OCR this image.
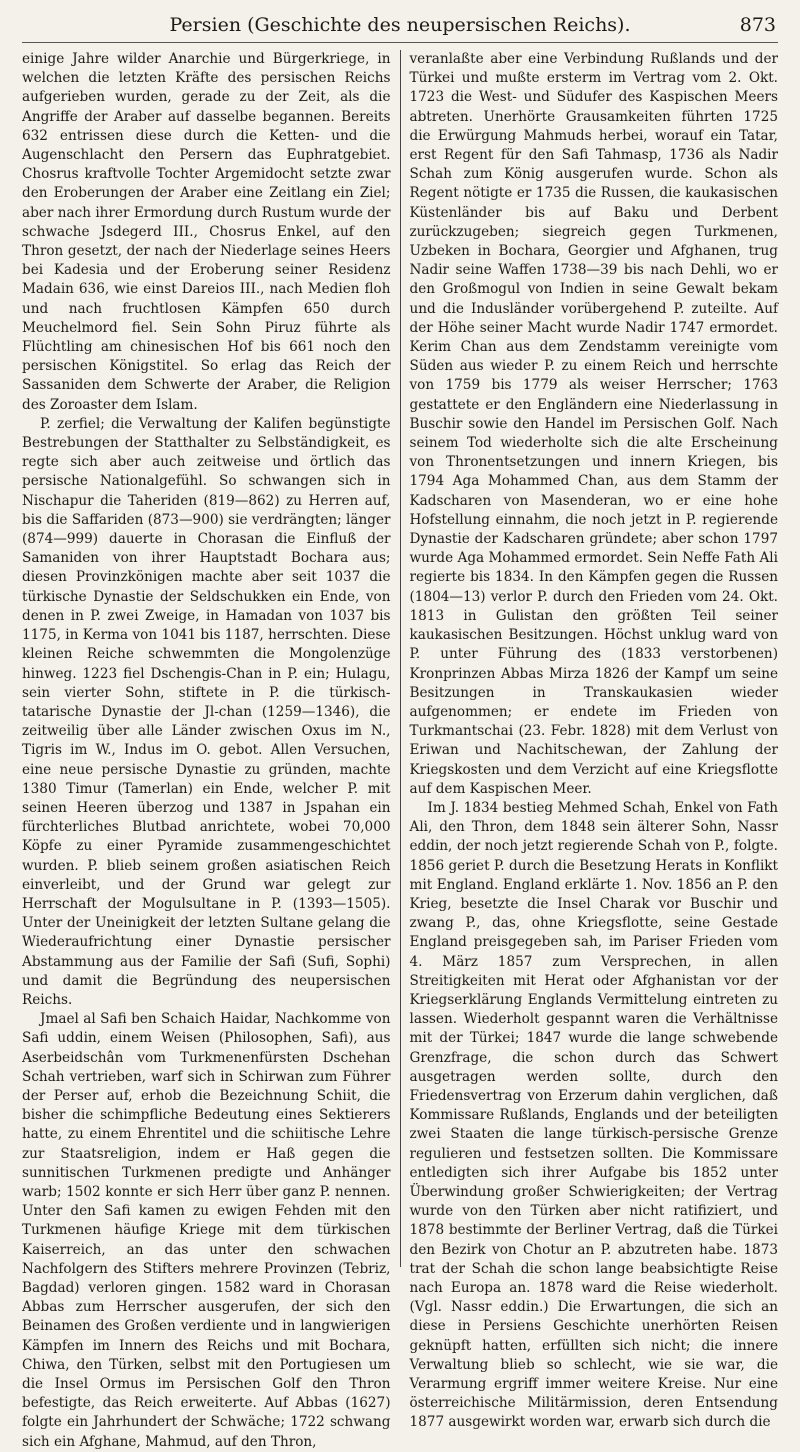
Persien (Geschichte des neupersischen Reichs).	873

einige Jahre wilder Anarchie und Bürgerkriege, in welchen die letzten Kräfte des persischen Reichs aufgerieben wurden, gerade zu der Zeit, als die Angriffe der Araber auf dasselbe begannen. Bereits 632 entrissen diese durch die Ketten- und die Augenschlacht den Persern das Euphratgebiet. Chosrus kraftvolle Tochter Argemidocht setzte zwar den Eroberungen der Araber eine Zeitlang ein Ziel; aber nach ihrer Ermordung durch Rustum wurde der schwache Jsdegerd III., Chosrus Enkel, auf den Thron gesetzt, der nach der Niederlage seines Heers bei Kadesia und der Eroberung seiner Residenz Madain 636, wie einst Dareios III., nach Medien floh und nach fruchtlosen Kämpfen 650 durch Meuchelmord fiel. Sein Sohn Piruz führte als Flüchtling am chinesischen Hof bis 661 noch den persischen Königstitel. So erlag das Reich der Sassaniden dem Schwerte der Araber, die Religion des Zoroaster dem Islam.

P. zerfiel; die Verwaltung der Kalifen begünstigte Bestrebungen der Statthalter zu Selbständigkeit, es regte sich aber auch zeitweise und örtlich das persische Nationalgefühl. So schwangen sich in Nischapur die Taheriden (819—862) zu Herren auf, bis die Saffariden (873—900) sie verdrängten; länger (874—999) dauerte in Chorasan die Einfluß der Samaniden von ihrer Hauptstadt Bochara aus; diesen Provinzkönigen machte aber seit 1037 die türkische Dynastie der Seldschukken ein Ende, von denen in P. zwei Zweige, in Hamadan von 1037 bis 1175, in Kerma von 1041 bis 1187, herrschten. Diese kleinen Reiche schwemmten die Mongolenzüge hinweg. 1223 fiel Dschengis-Chan in P. ein; Hulagu, sein vierter Sohn, stiftete in P. die türkisch-tatarische Dynastie der Jl-chan (1259—1346), die zeitweilig über alle Länder zwischen Oxus im N., Tigris im W., Indus im O. gebot. Allen Versuchen, eine neue persische Dynastie zu gründen, machte 1380 Timur (Tamerlan) ein Ende, welcher P. mit seinen Heeren überzog und 1387 in Jspahan ein fürchterliches Blutbad anrichtete, wobei 70,000 Köpfe zu einer Pyramide zusammengeschichtet wurden. P. blieb seinem großen asiatischen Reich einverleibt, und der Grund war gelegt zur Herrschaft der Mogulsultane in P. (1393—1505). Unter der Uneinigkeit der letzten Sultane gelang die Wiederaufrichtung einer Dynastie persischer Abstammung aus der Familie der Safi (Sufi, Sophi) und damit die Begründung des neupersischen Reichs.

Jmael al Safi ben Schaich Haidar, Nachkomme von Safi uddin, einem Weisen (Philosophen, Safi), aus Aserbeidschân vom Turkmenenfürsten Dschehan Schah vertrieben, warf sich in Schirwan zum Führer der Perser auf, erhob die Bezeichnung Schiit, die bisher die schimpfliche Bedeutung eines Sektierers hatte, zu einem Ehrentitel und die schiitische Lehre zur Staatsreligion, indem er Haß gegen die sunnitischen Turkmenen predigte und Anhänger warb; 1502 konnte er sich Herr über ganz P. nennen. Unter den Safi kamen zu ewigen Fehden mit den Turkmenen häufige Kriege mit dem türkischen Kaiserreich, an das unter den schwachen Nachfolgern des Stifters mehrere Provinzen (Tebriz, Bagdad) verloren gingen. 1582 ward in Chorasan Abbas zum Herrscher ausgerufen, der sich den Beinamen des Großen verdiente und in langwierigen Kämpfen im Innern des Reichs und mit Bochara, Chiwa, den Türken, selbst mit den Portugiesen um die Insel Ormus im Persischen Golf den Thron befestigte, das Reich erweiterte. Auf Abbas (1627) folgte ein Jahrhundert der Schwäche; 1722 schwang sich ein Afghane, Mahmud, auf den Thron,

veranlaßte aber eine Verbindung Rußlands und der Türkei und mußte ersterm im Vertrag vom 2. Okt. 1723 die West- und Südufer des Kaspischen Meers abtreten. Unerhörte Grausamkeiten führten 1725 die Erwürgung Mahmuds herbei, worauf ein Tatar, erst Regent für den Safi Tahmasp, 1736 als Nadir Schah zum König ausgerufen wurde. Schon als Regent nötigte er 1735 die Russen, die kaukasischen Küstenländer bis auf Baku und Derbent zurückzugeben; siegreich gegen Turkmenen, Uzbeken in Bochara, Georgier und Afghanen, trug Nadir seine Waffen 1738—39 bis nach Dehli, wo er den Großmogul von Indien in seine Gewalt bekam und die Indusländer vorübergehend P. zuteilte. Auf der Höhe seiner Macht wurde Nadir 1747 ermordet. Kerim Chan aus dem Zendstamm vereinigte vom Süden aus wieder P. zu einem Reich und herrschte von 1759 bis 1779 als weiser Herrscher; 1763 gestattete er den Engländern eine Niederlassung in Buschir sowie den Handel im Persischen Golf. Nach seinem Tod wiederholte sich die alte Erscheinung von Thronentsetzungen und innern Kriegen, bis 1794 Aga Mohammed Chan, aus dem Stamm der Kadscharen von Masenderan, wo er eine hohe Hofstellung einnahm, die noch jetzt in P. regierende Dynastie der Kadscharen gründete; aber schon 1797 wurde Aga Mohammed ermordet. Sein Neffe Fath Ali regierte bis 1834. In den Kämpfen gegen die Russen (1804—13) verlor P. durch den Frieden vom 24. Okt. 1813 in Gulistan den größten Teil seiner kaukasischen Besitzungen. Höchst unklug ward von P. unter Führung des (1833 verstorbenen) Kronprinzen Abbas Mirza 1826 der Kampf um seine Besitzungen in Transkaukasien wieder aufgenommen; er endete im Frieden von Turkmantschai (23. Febr. 1828) mit dem Verlust von Eriwan und Nachitschewan, der Zahlung der Kriegskosten und dem Verzicht auf eine Kriegsflotte auf dem Kaspischen Meer.

Im J. 1834 bestieg Mehmed Schah, Enkel von Fath Ali, den Thron, dem 1848 sein älterer Sohn, Nassr eddin, der noch jetzt regierende Schah von P., folgte. 1856 geriet P. durch die Besetzung Herats in Konflikt mit England. England erklärte 1. Nov. 1856 an P. den Krieg, besetzte die Insel Charak vor Buschir und zwang P., das, ohne Kriegsflotte, seine Gestade England preisgegeben sah, im Pariser Frieden vom 4. März 1857 zum Versprechen, in allen Streitigkeiten mit Herat oder Afghanistan vor der Kriegserklärung Englands Vermittelung eintreten zu lassen. Wiederholt gespannt waren die Verhältnisse mit der Türkei; 1847 wurde die lange schwebende Grenzfrage, die schon durch das Schwert ausgetragen werden sollte, durch den Friedensvertrag von Erzerum dahin verglichen, daß Kommissare Rußlands, Englands und der beteiligten zwei Staaten die lange türkisch-persische Grenze regulieren und festsetzen sollten. Die Kommissare entledigten sich ihrer Aufgabe bis 1852 unter Überwindung großer Schwierigkeiten; der Vertrag wurde von den Türken aber nicht ratifiziert, und 1878 bestimmte der Berliner Vertrag, daß die Türkei den Bezirk von Chotur an P. abzutreten habe. 1873 trat der Schah die schon lange beabsichtigte Reise nach Europa an. 1878 ward die Reise wiederholt. (Vgl. Nassr eddin.) Die Erwartungen, die sich an diese in Persiens Geschichte unerhörten Reisen geknüpft hatten, erfüllten sich nicht; die innere Verwaltung blieb so schlecht, wie sie war, die Verarmung ergriff immer weitere Kreise. Nur eine österreichische Militärmission, deren Entsendung 1877 ausgewirkt worden war, erwarb sich durch die
